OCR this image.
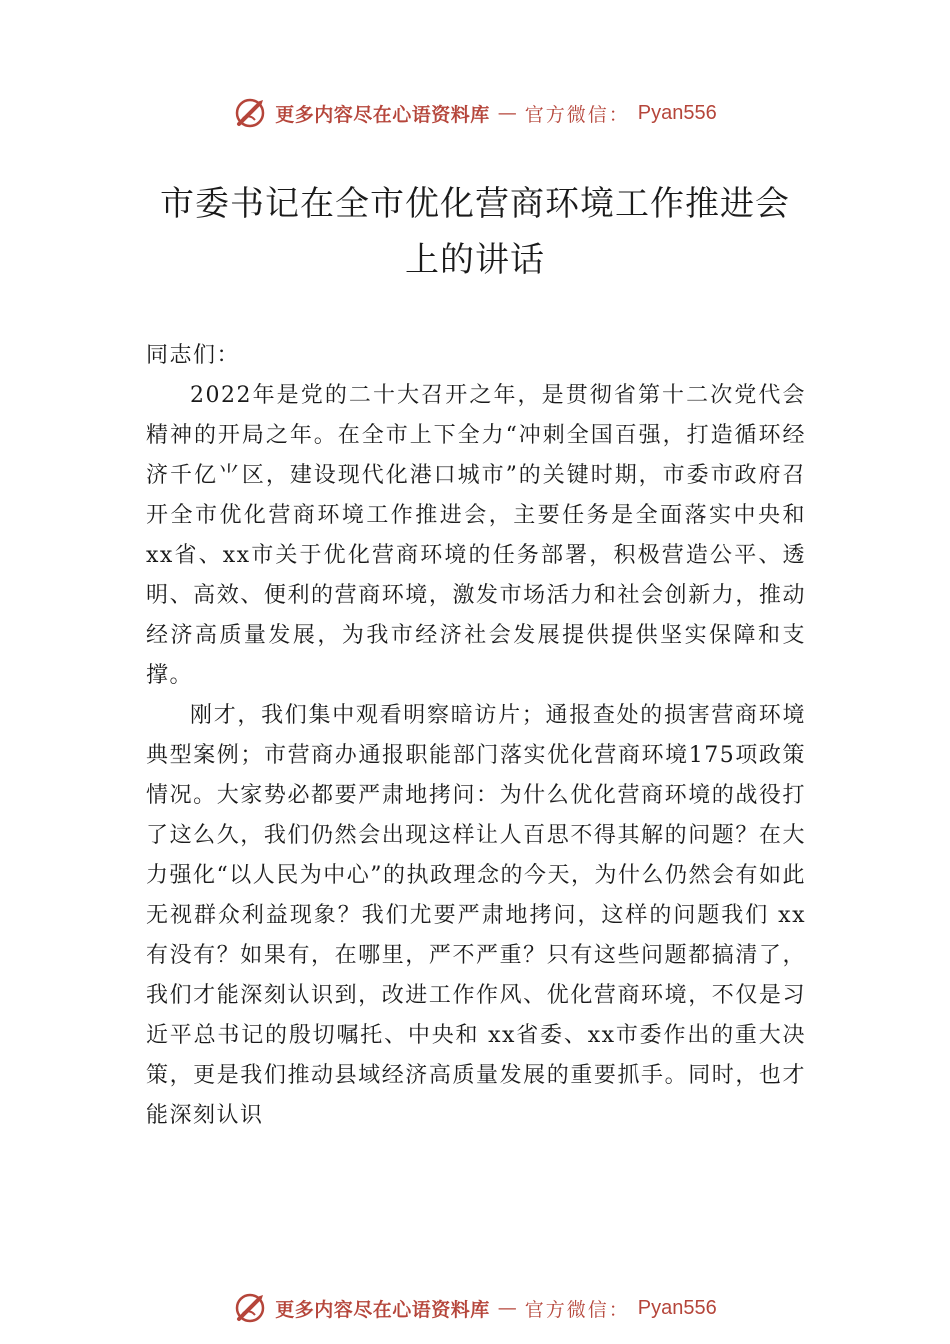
更多内容尽在心语资料库 — 官方微信： Pyan556
市委书记在全市优化营商环境工作推进会上的讲话

同志们：

2022年是党的二十大召开之年，是贯彻省第十二次党代会精神的开局之年。在全市上下全力“冲刺全国百强，打造循环经济千亿⺌区，建设现代化港口城市”的关键时期，市委市政府召开全市优化营商环境工作推进会，主要任务是全面落实中央和 xx省、xx市关于优化营商环境的任务部署，积极营造公平、透明、高效、便利的营商环境，激发市场活力和社会创新力，推动经济高质量发展，为我市经济社会发展提供提供坚实保障和支撑。

刚才，我们集中观看明察暗访片；通报查处的损害营商环境典型案例；市营商办通报职能部门落实优化营商环境175项政策情况。大家势必都要严肃地拷问：为什么优化营商环境的战役打了这么久，我们仍然会出现这样让人百思不得其解的问题？在大力强化“以人民为中心”的执政理念的今天，为什么仍然会有如此无视群众利益现象？我们尤要严肃地拷问，这样的问题我们 xx有没有？如果有，在哪里，严不严重？只有这些问题都搞清了，我们才能深刻认识到，改进工作作风、优化营商环境，不仅是习近平总书记的殷切嘱托、中央和 xx省委、xx市委作出的重大决策，更是我们推动县域经济高质量发展的重要抓手。同时，也才能深刻认识

更多内容尽在心语资料库 — 官方微信： Pyan556
